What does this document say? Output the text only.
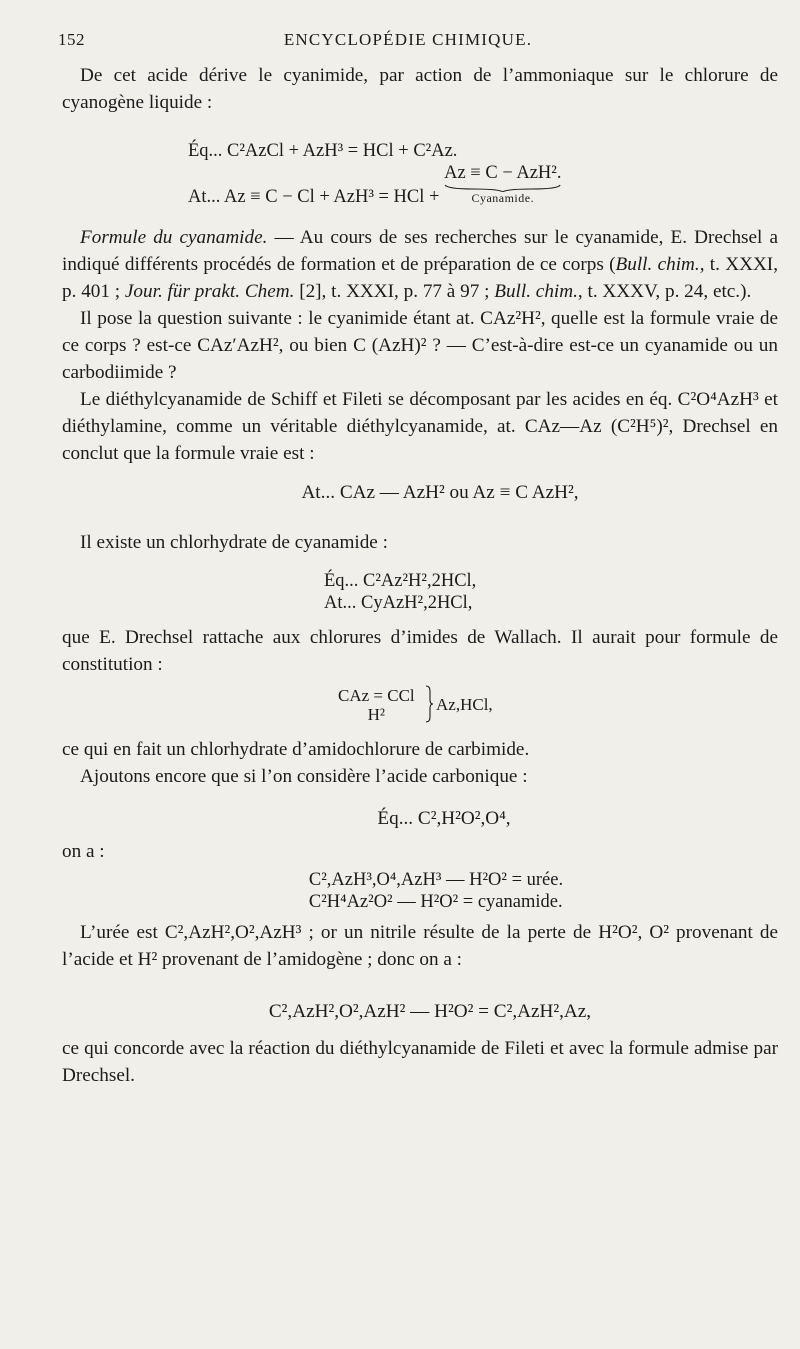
152	ENCYCLOPÉDIE CHIMIQUE.

De cet acide dérive le cyanimide, par action de l’ammoniaque sur le chlorure de cyanogène liquide :

Éq... C²AzCl + AzH³ = HCl + C²Az.
At... Az ≡ C − Cl + AzH³ = HCl + Az ≡ C − AzH².
Cyanamide.

Formule du cyanamide. — Au cours de ses recherches sur le cyanamide, E. Drechsel a indiqué différents procédés de formation et de préparation de ce corps (Bull. chim., t. XXXI, p. 401 ; Jour. für prakt. Chem. [2], t. XXXI, p. 77 à 97 ; Bull. chim., t. XXXV, p. 24, etc.).

Il pose la question suivante : le cyanimide étant at. CAz²H², quelle est la formule vraie de ce corps ? est-ce CAz′AzH², ou bien C (AzH)² ? — C’est-à-dire est-ce un cyanamide ou un carbodiimide ?

Le diéthylcyanamide de Schiff et Fileti se décomposant par les acides en éq. C²O⁴AzH³ et diéthylamine, comme un véritable diéthylcyanamide, at. CAz—Az (C²H⁵)², Drechsel en conclut que la formule vraie est :

At... CAz — AzH² ou Az ≡ C AzH²,

Il existe un chlorhydrate de cyanamide :

Éq... C²Az²H²,2HCl,
At... CyAzH²,2HCl,

que E. Drechsel rattache aux chlorures d’imides de Wallach. Il aurait pour formule de constitution :

CAz = CCl
H²
Az,HCl,

ce qui en fait un chlorhydrate d’amidochlorure de carbimide.

Ajoutons encore que si l’on considère l’acide carbonique :

Éq... C²,H²O²,O⁴,

on a :

C²,AzH³,O⁴,AzH³ — H²O² = urée.
C²H⁴Az²O² — H²O² = cyanamide.

L’urée est C²,AzH²,O²,AzH³ ; or un nitrile résulte de la perte de H²O², O² provenant de l’acide et H² provenant de l’amidogène ; donc on a :

C²,AzH²,O²,AzH² — H²O² = C²,AzH²,Az,

ce qui concorde avec la réaction du diéthylcyanamide de Fileti et avec la formule admise par Drechsel.
